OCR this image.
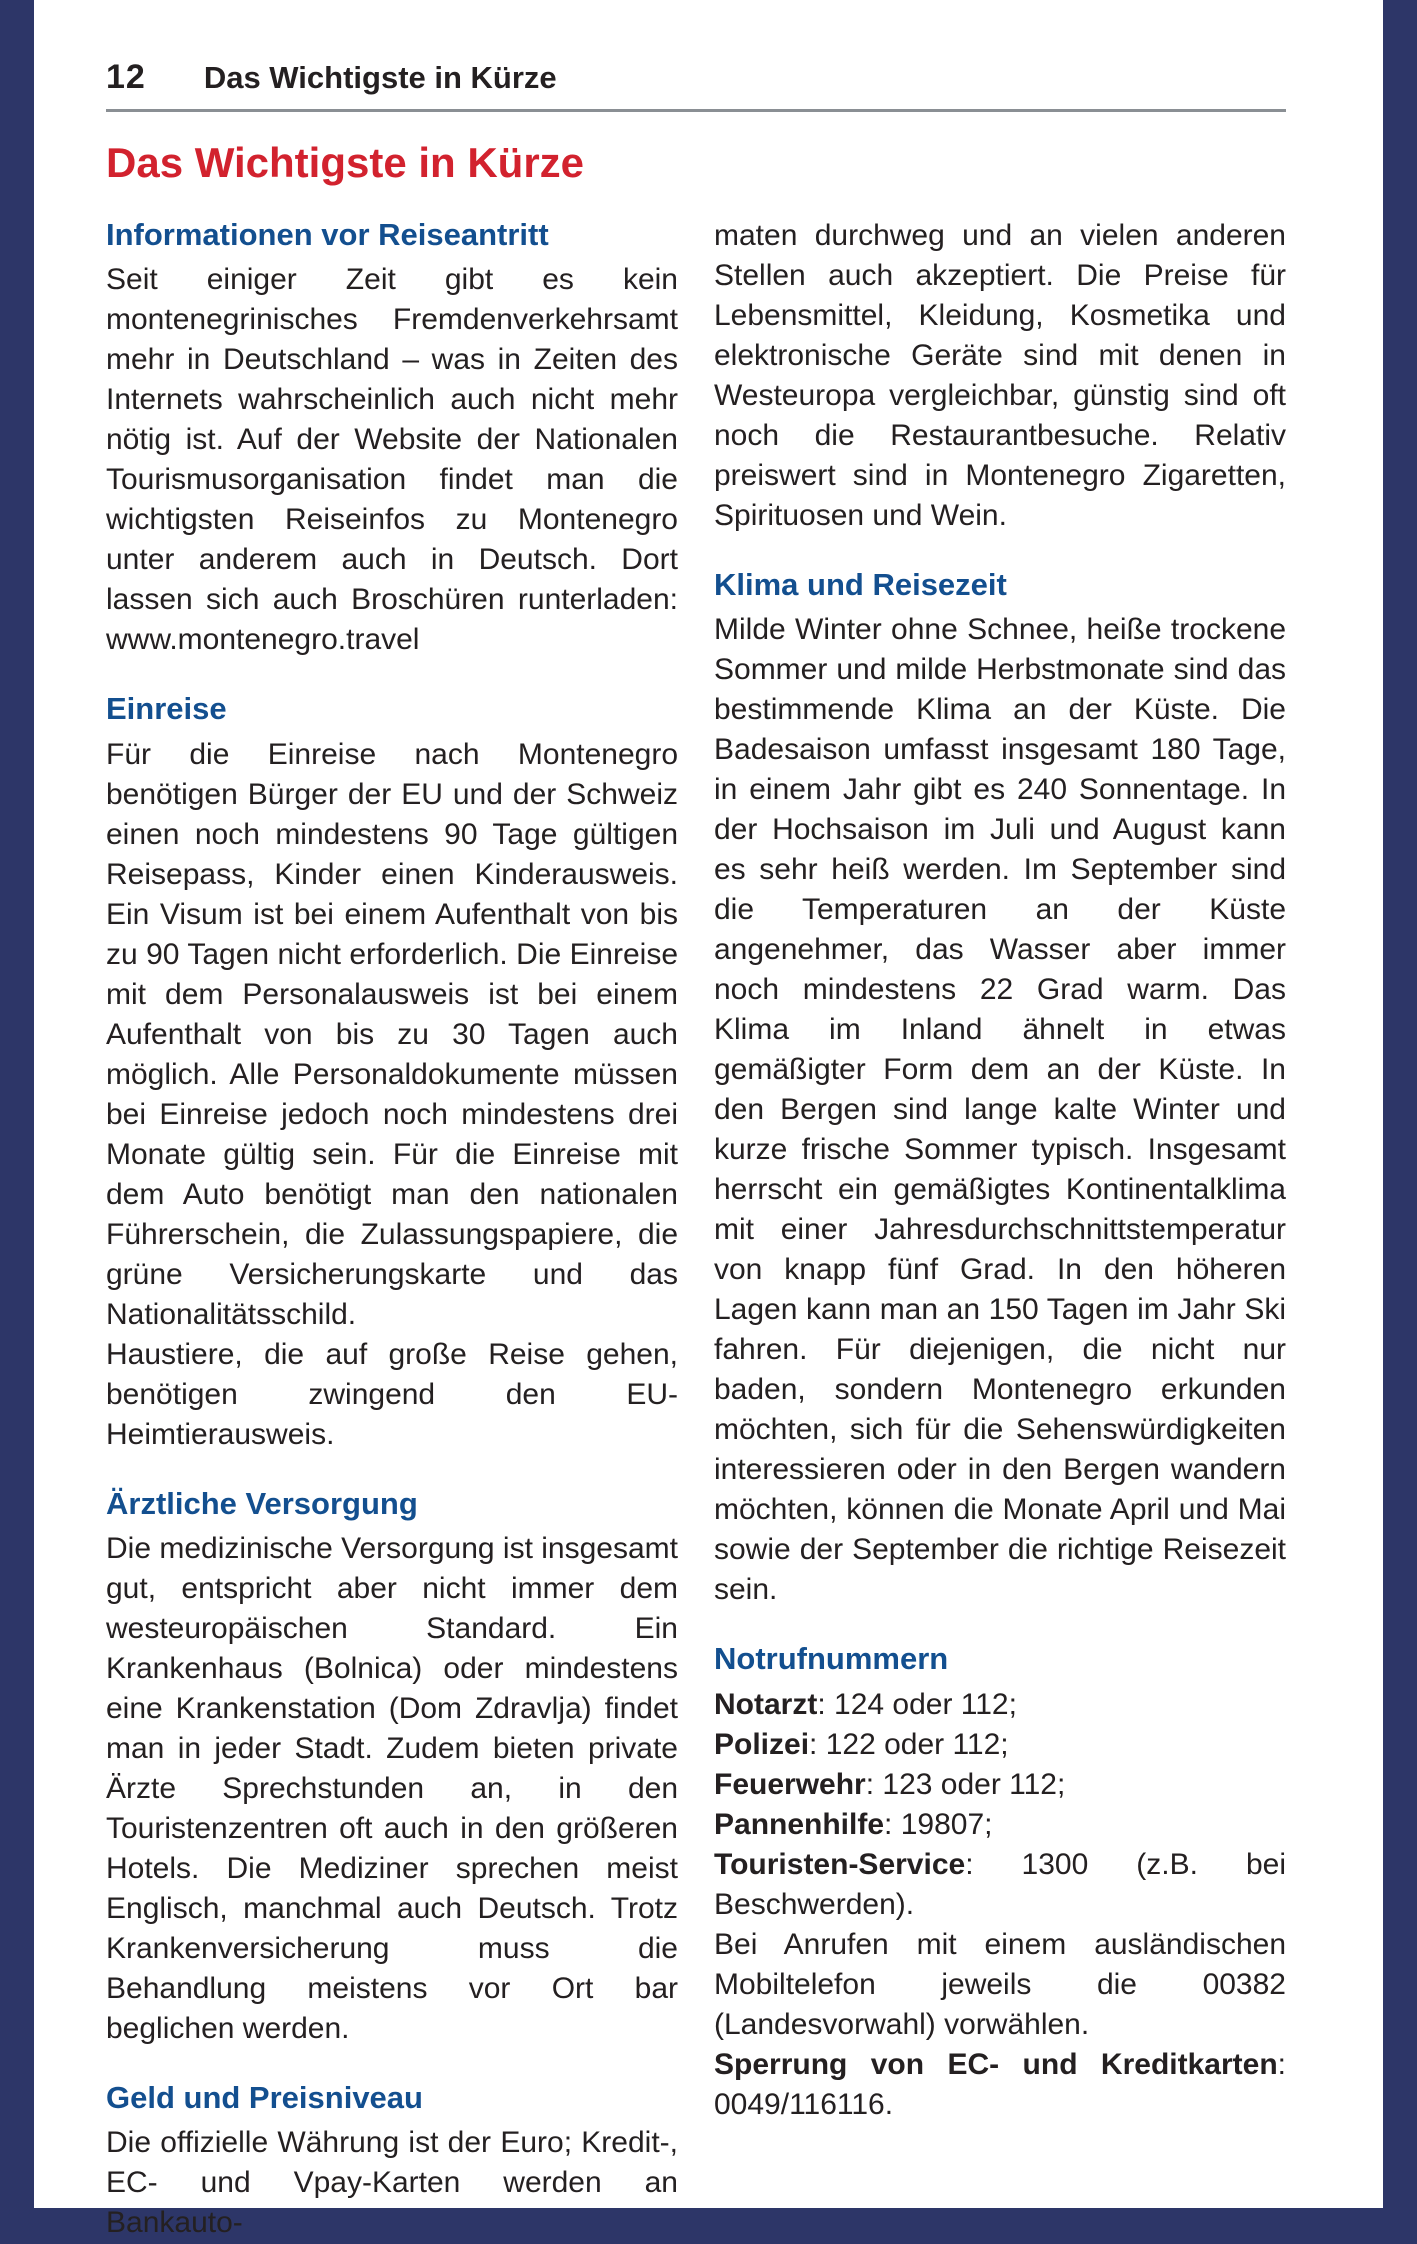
12 Das Wichtigste in Kürze
Das Wichtigste in Kürze
Informationen vor Reiseantritt

Seit einiger Zeit gibt es kein montenegrinisches Fremdenverkehrsamt mehr in Deutschland – was in Zeiten des Internets wahrscheinlich auch nicht mehr nötig ist. Auf der Website der Nationalen Tourismusorganisation findet man die wichtigsten Reiseinfos zu Montenegro unter anderem auch in Deutsch. Dort lassen sich auch Broschüren runterladen: www.montenegro.travel

Einreise

Für die Einreise nach Montenegro benötigen Bürger der EU und der Schweiz einen noch mindestens 90 Tage gültigen Reisepass, Kinder einen Kinderausweis. Ein Visum ist bei einem Aufenthalt von bis zu 90 Tagen nicht erforderlich. Die Einreise mit dem Personalausweis ist bei einem Aufenthalt von bis zu 30 Tagen auch möglich. Alle Personaldokumente müssen bei Einreise jedoch noch mindestens drei Monate gültig sein. Für die Einreise mit dem Auto benötigt man den nationalen Führerschein, die Zulassungspapiere, die grüne Versicherungskarte und das Nationalitätsschild.

Haustiere, die auf große Reise gehen, benötigen zwingend den EU-Heimtierausweis.

Ärztliche Versorgung

Die medizinische Versorgung ist insgesamt gut, entspricht aber nicht immer dem westeuropäischen Standard. Ein Krankenhaus (Bolnica) oder mindestens eine Krankenstation (Dom Zdravlja) findet man in jeder Stadt. Zudem bieten private Ärzte Sprechstunden an, in den Touristenzentren oft auch in den größeren Hotels. Die Mediziner sprechen meist Englisch, manchmal auch Deutsch. Trotz Krankenversicherung muss die Behandlung meistens vor Ort bar beglichen werden.

Geld und Preisniveau

Die offizielle Währung ist der Euro; Kredit-, EC- und Vpay-Karten werden an Bankauto-

maten durchweg und an vielen anderen Stellen auch akzeptiert. Die Preise für Lebensmittel, Kleidung, Kosmetika und elektronische Geräte sind mit denen in Westeuropa vergleichbar, günstig sind oft noch die Restaurantbesuche. Relativ preiswert sind in Montenegro Zigaretten, Spirituosen und Wein.

Klima und Reisezeit

Milde Winter ohne Schnee, heiße trockene Sommer und milde Herbstmonate sind das bestimmende Klima an der Küste. Die Badesaison umfasst insgesamt 180 Tage, in einem Jahr gibt es 240 Sonnentage. In der Hochsaison im Juli und August kann es sehr heiß werden. Im September sind die Temperaturen an der Küste angenehmer, das Wasser aber immer noch mindestens 22 Grad warm. Das Klima im Inland ähnelt in etwas gemäßigter Form dem an der Küste. In den Bergen sind lange kalte Winter und kurze frische Sommer typisch. Insgesamt herrscht ein gemäßigtes Kontinentalklima mit einer Jahresdurchschnittstemperatur von knapp fünf Grad. In den höheren Lagen kann man an 150 Tagen im Jahr Ski fahren. Für diejenigen, die nicht nur baden, sondern Montenegro erkunden möchten, sich für die Sehenswürdigkeiten interessieren oder in den Bergen wandern möchten, können die Monate April und Mai sowie der September die richtige Reisezeit sein.

Notrufnummern

Notarzt: 124 oder 112;

Polizei: 122 oder 112;

Feuerwehr: 123 oder 112;

Pannenhilfe: 19807;

Touristen-Service: 1300 (z.B. bei Beschwerden).

Bei Anrufen mit einem ausländischen Mobiltelefon jeweils die 00382 (Landesvorwahl) vorwählen.

Sperrung von EC- und Kreditkarten: 0049/116116.
